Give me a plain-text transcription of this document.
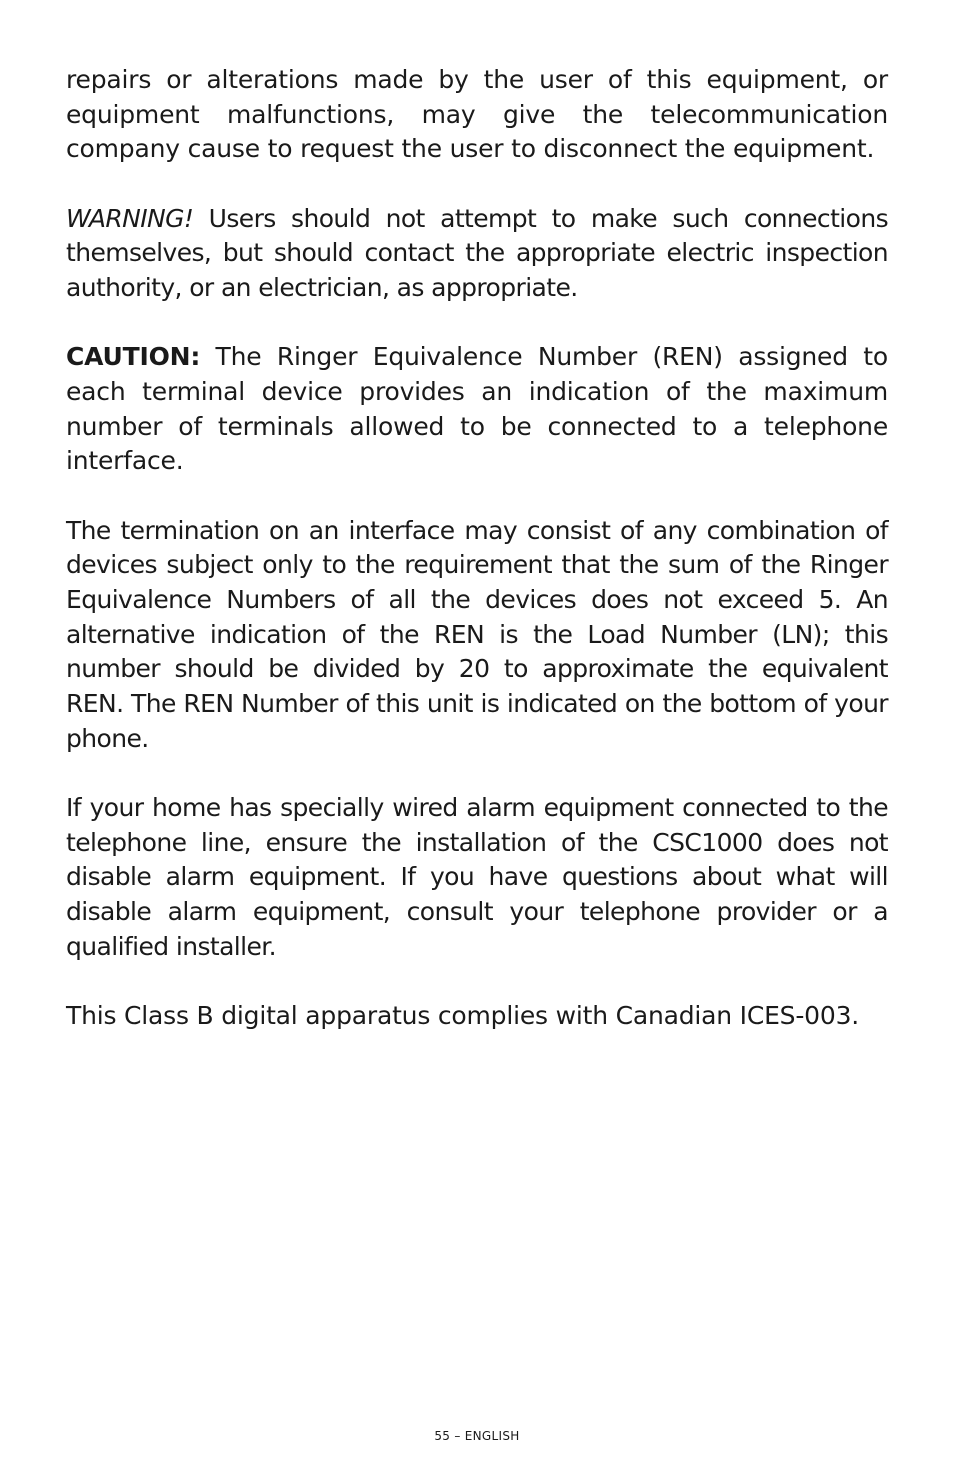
repairs or alterations made by the user of this equipment, or equipment malfunctions, may give the telecommunication company cause to request the user to disconnect the equipment.

WARNING! Users should not attempt to make such connections themselves, but should contact the appropriate electric inspection authority, or an electrician, as appropriate.

CAUTION: The Ringer Equivalence Number (REN) assigned to each terminal device provides an indication of the maximum number of terminals allowed to be connected to a telephone interface.

The termination on an interface may consist of any combination of devices subject only to the requirement that the sum of the Ringer Equivalence Numbers of all the devices does not exceed 5. An alternative indication of the REN is the Load Number (LN); this number should be divided by 20 to approximate the equivalent REN. The REN Number of this unit is indicated on the bottom of your phone.

If your home has specially wired alarm equipment connected to the telephone line, ensure the installation of the CSC1000 does not disable alarm equipment. If you have questions about what will disable alarm equipment, consult your telephone provider or a qualified installer.

This Class B digital apparatus complies with Canadian ICES-003.

55 – ENGLISH
